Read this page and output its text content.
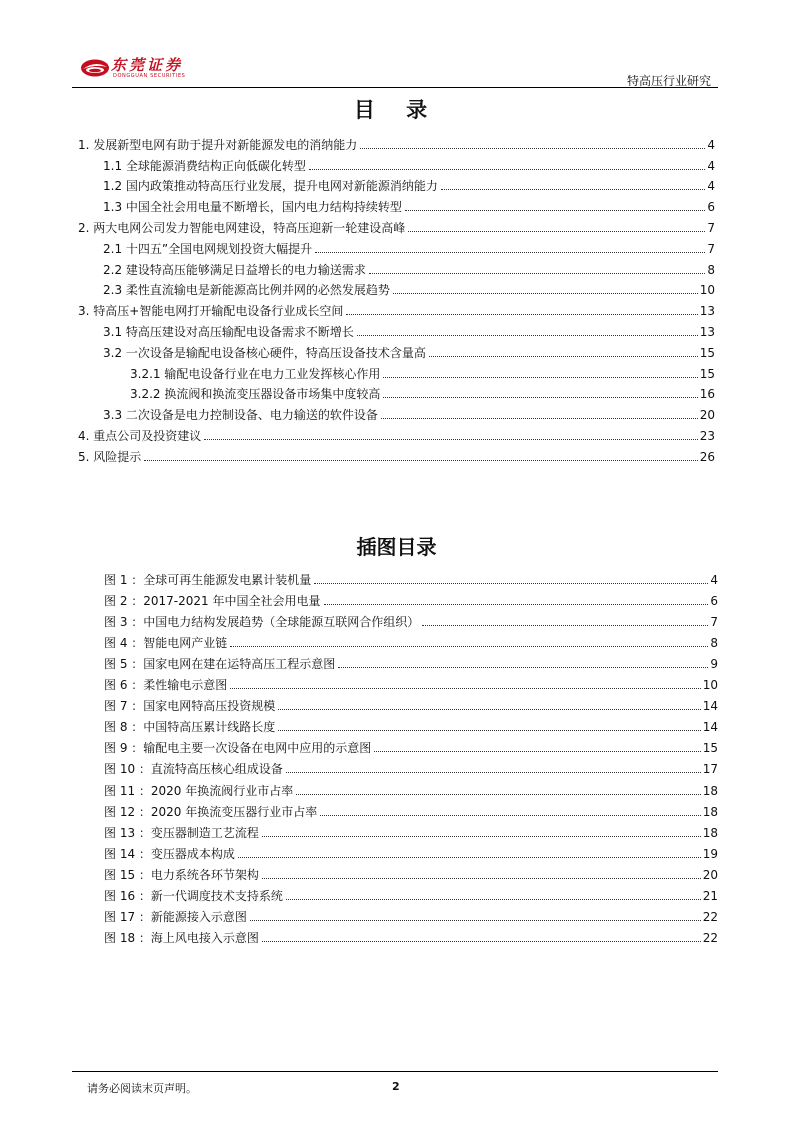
东莞证券
DONGGUAN SECURITIES	特高压行业研究
目 录
1. 发展新型电网有助于提升对新能源发电的消纳能力	4
1.1 全球能源消费结构正向低碳化转型	4
1.2 国内政策推动特高压行业发展，提升电网对新能源消纳能力	4
1.3 中国全社会用电量不断增长，国内电力结构持续转型	6
2. 两大电网公司发力智能电网建设，特高压迎新一轮建设高峰	7
2.1 十四五”全国电网规划投资大幅提升	7
2.2 建设特高压能够满足日益增长的电力输送需求	8
2.3 柔性直流输电是新能源高比例并网的必然发展趋势	10
3. 特高压+智能电网打开输配电设备行业成长空间	13
3.1 特高压建设对高压输配电设备需求不断增长	13
3.2 一次设备是输配电设备核心硬件，特高压设备技术含量高	15
3.2.1 输配电设备行业在电力工业发挥核心作用	15
3.2.2 换流阀和换流变压器设备市场集中度较高	16
3.3 二次设备是电力控制设备、电力输送的软件设备	20
4. 重点公司及投资建议	23
5. 风险提示	26
插图目录
图 1 ：全球可再生能源发电累计装机量	4
图 2 ：2017-2021 年中国全社会用电量	6
图 3 ：中国电力结构发展趋势（全球能源互联网合作组织）	7
图 4 ：智能电网产业链	8
图 5 ：国家电网在建在运特高压工程示意图	9
图 6 ：柔性输电示意图	10
图 7 ：国家电网特高压投资规模	14
图 8 ：中国特高压累计线路长度	14
图 9 ：输配电主要一次设备在电网中应用的示意图	15
图 10 ：直流特高压核心组成设备	17
图 11 ：2020 年换流阀行业市占率	18
图 12 ：2020 年换流变压器行业市占率	18
图 13 ：变压器制造工艺流程	18
图 14 ：变压器成本构成	19
图 15 ：电力系统各环节架构	20
图 16 ：新一代调度技术支持系统	21
图 17 ：新能源接入示意图	22
图 18 ：海上风电接入示意图	22
请务必阅读末页声明。	2
